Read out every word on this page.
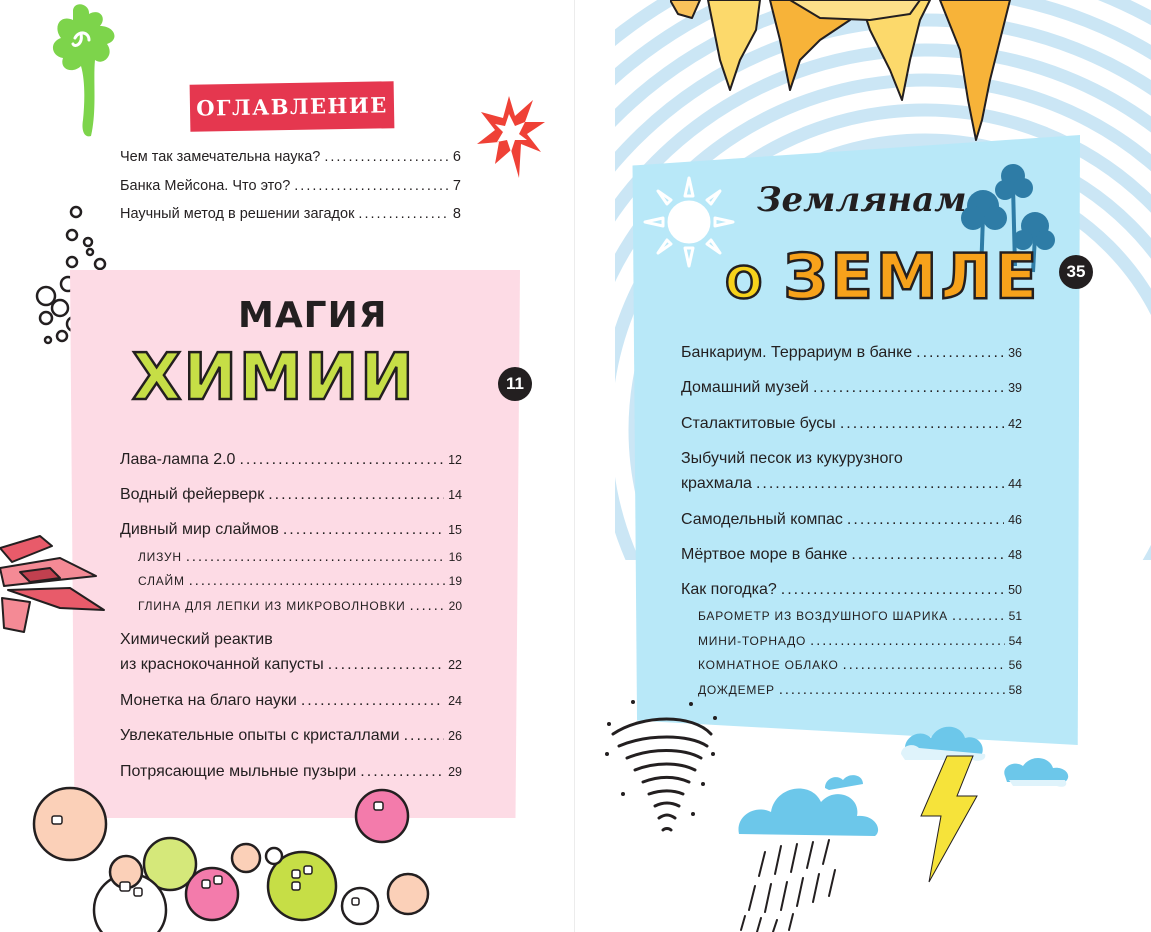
ОГЛАВЛЕНИЕ
Чем так замечательна наука? .....	6
Банка Мейсона. Что это? .....	7
Научный метод в решении загадок .....	8
МАГИЯ
ХИМИИ	11
Лава-лампа 2.0 .....	12
Водный фейерверк .....	14
Дивный мир слаймов .....	15
ЛИЗУН .....	16
СЛАЙМ .....	19
ГЛИНА ДЛЯ ЛЕПКИ ИЗ МИКРОВОЛНОВКИ .....	20
Химический реактив
из краснокочанной капусты .....	22
Монетка на благо науки .....	24
Увлекательные опыты с кристаллами .....	26
Потрясающие мыльные пузыри .....	29
Землянам
О ЗЕМЛЕ	35
Банкариум. Террариум в банке .....	36
Домашний музей .....	39
Сталактитовые бусы .....	42
Зыбучий песок из кукурузного
крахмала .....	44
Самодельный компас .....	46
Мёртвое море в банке .....	48
Как погодка? .....	50
БАРОМЕТР ИЗ ВОЗДУШНОГО ШАРИКА .....	51
МИНИ-ТОРНАДО .....	54
КОМНАТНОЕ ОБЛАКО .....	56
ДОЖДЕМЕР .....	58
